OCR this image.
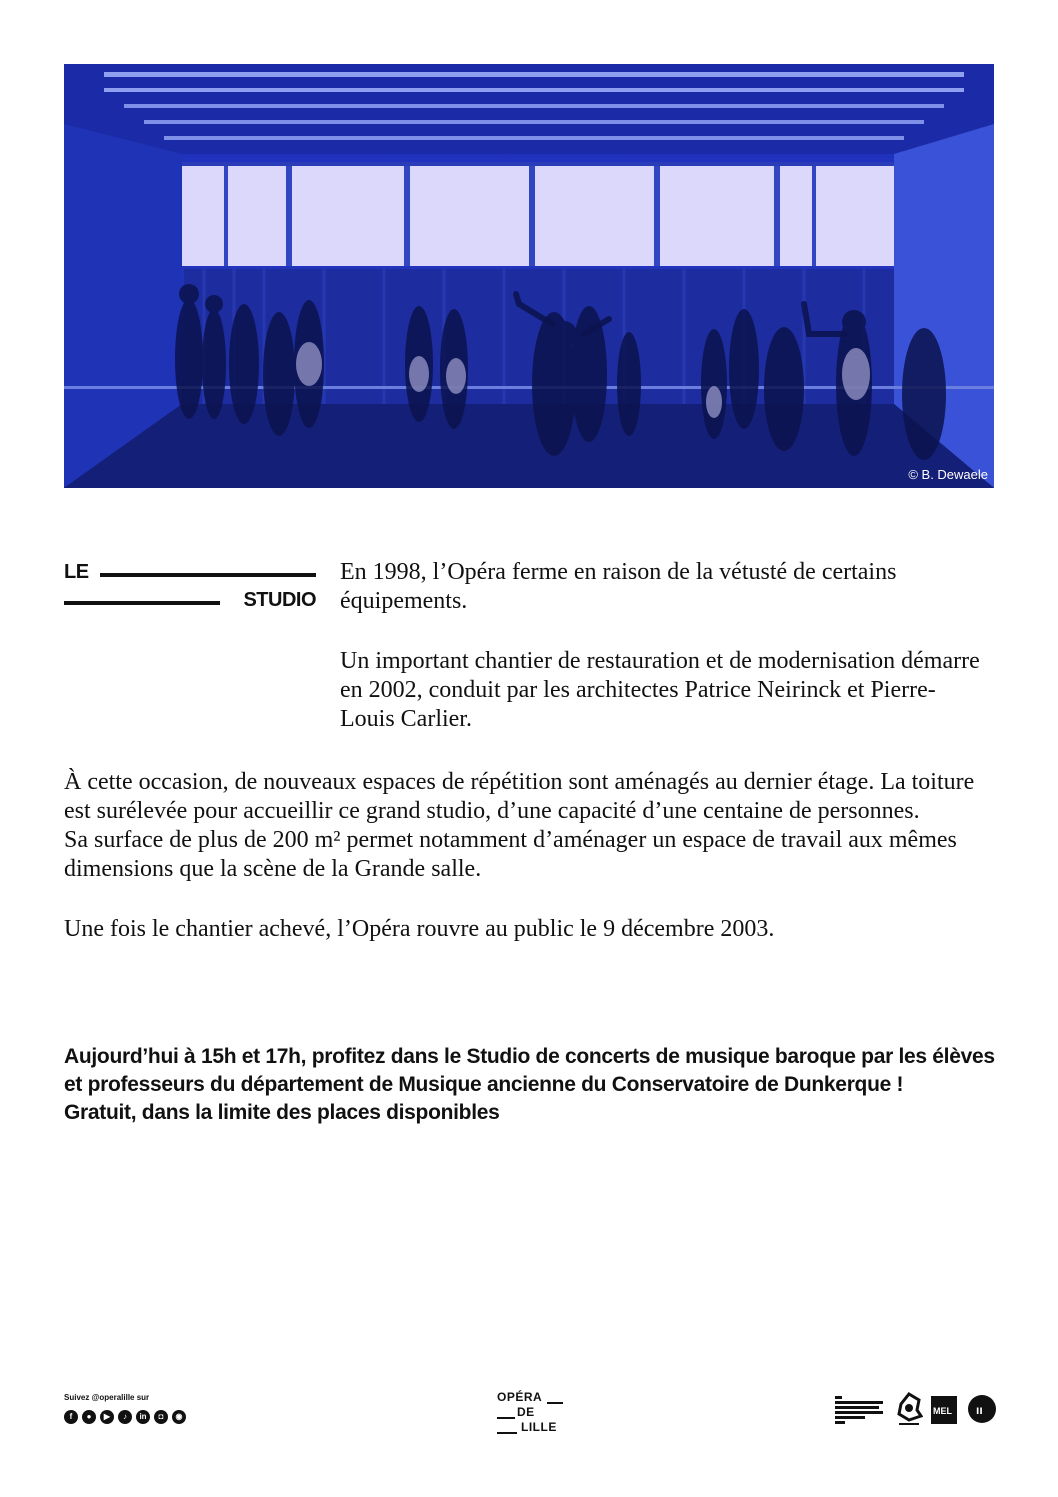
© B. Dewaele
LE
STUDIO

En 1998, l’Opéra ferme en raison de la vétusté de certains équipements.

Un important chantier de restauration et de modernisation démarre en 2002, conduit par les architectes Patrice Neirinck et Pierre-Louis Carlier.

À cette occasion, de nouveaux espaces de répétition sont aménagés au dernier étage. La toiture est surélevée pour accueillir ce grand studio, d’une capacité d’une centaine de personnes.
Sa surface de plus de 200 m² permet notamment d’aménager un espace de travail aux mêmes dimensions que la scène de la Grande salle.

Une fois le chantier achevé, l’Opéra rouvre au public le 9 décembre 2003.

Aujourd’hui à 15h et 17h, profitez dans le Studio de concerts de musique baroque par les élèves et professeurs du département de Musique ancienne du Conservatoire de Dunkerque !

Gratuit, dans la limite des places disponibles

Suivez @operalille sur
f	●	▶	♪	in	◘	◉
OPÉRA
DE
LILLE
MEL ıı
